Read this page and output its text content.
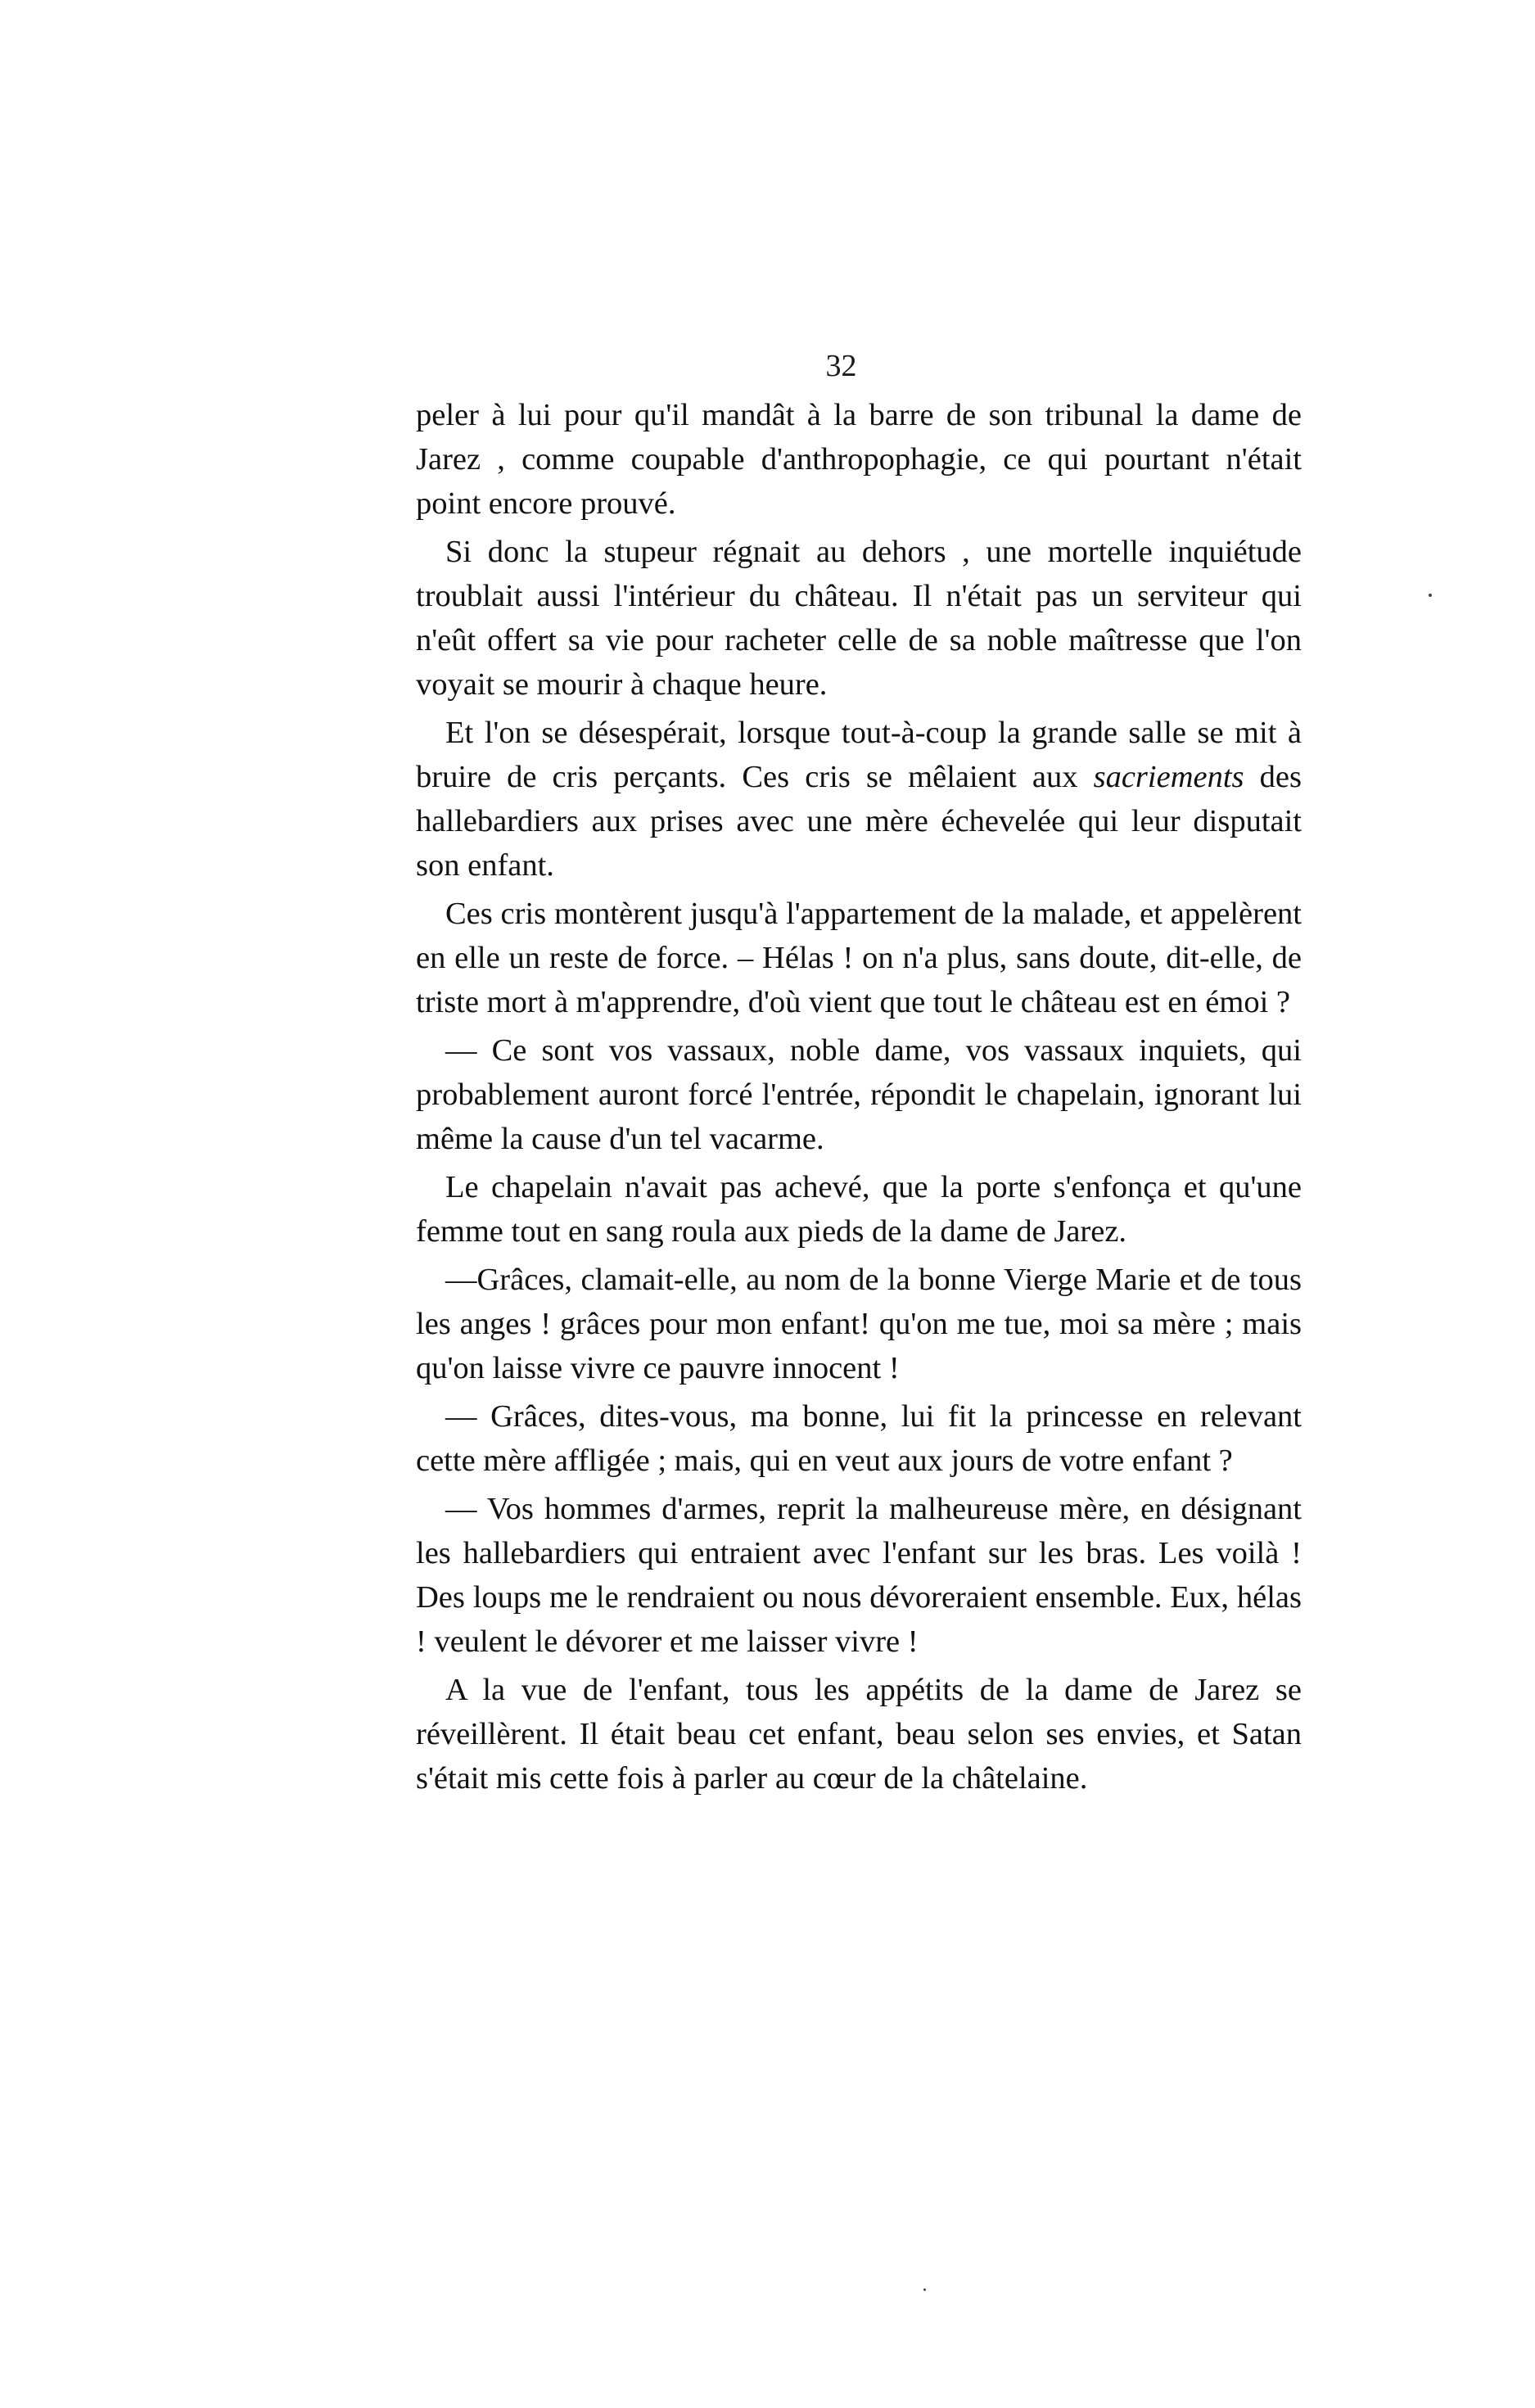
32

peler à lui pour qu'il mandât à la barre de son tribunal la dame de Jarez , comme coupable d'anthropophagie, ce qui pourtant n'était point encore prouvé.

Si donc la stupeur régnait au dehors , une mortelle inquiétude troublait aussi l'intérieur du château. Il n'était pas un serviteur qui n'eût offert sa vie pour racheter celle de sa noble maîtresse que l'on voyait se mourir à chaque heure.

Et l'on se désespérait, lorsque tout-à-coup la grande salle se mit à bruire de cris perçants. Ces cris se mêlaient aux sacriements des hallebardiers aux prises avec une mère échevelée qui leur disputait son enfant.

Ces cris montèrent jusqu'à l'appartement de la malade, et appelèrent en elle un reste de force. – Hélas ! on n'a plus, sans doute, dit-elle, de triste mort à m'apprendre, d'où vient que tout le château est en émoi ?

— Ce sont vos vassaux, noble dame, vos vassaux inquiets, qui probablement auront forcé l'entrée, répondit le chapelain, ignorant lui même la cause d'un tel vacarme.

Le chapelain n'avait pas achevé, que la porte s'enfonça et qu'une femme tout en sang roula aux pieds de la dame de Jarez.

—Grâces, clamait-elle, au nom de la bonne Vierge Marie et de tous les anges ! grâces pour mon enfant! qu'on me tue, moi sa mère ; mais qu'on laisse vivre ce pauvre innocent !

— Grâces, dites-vous, ma bonne, lui fit la princesse en relevant cette mère affligée ; mais, qui en veut aux jours de votre enfant ?

— Vos hommes d'armes, reprit la malheureuse mère, en désignant les hallebardiers qui entraient avec l'enfant sur les bras. Les voilà ! Des loups me le rendraient ou nous dévoreraient ensemble. Eux, hélas ! veulent le dévorer et me laisser vivre !

A la vue de l'enfant, tous les appétits de la dame de Jarez se réveillèrent. Il était beau cet enfant, beau selon ses envies, et Satan s'était mis cette fois à parler au cœur de la châtelaine.
